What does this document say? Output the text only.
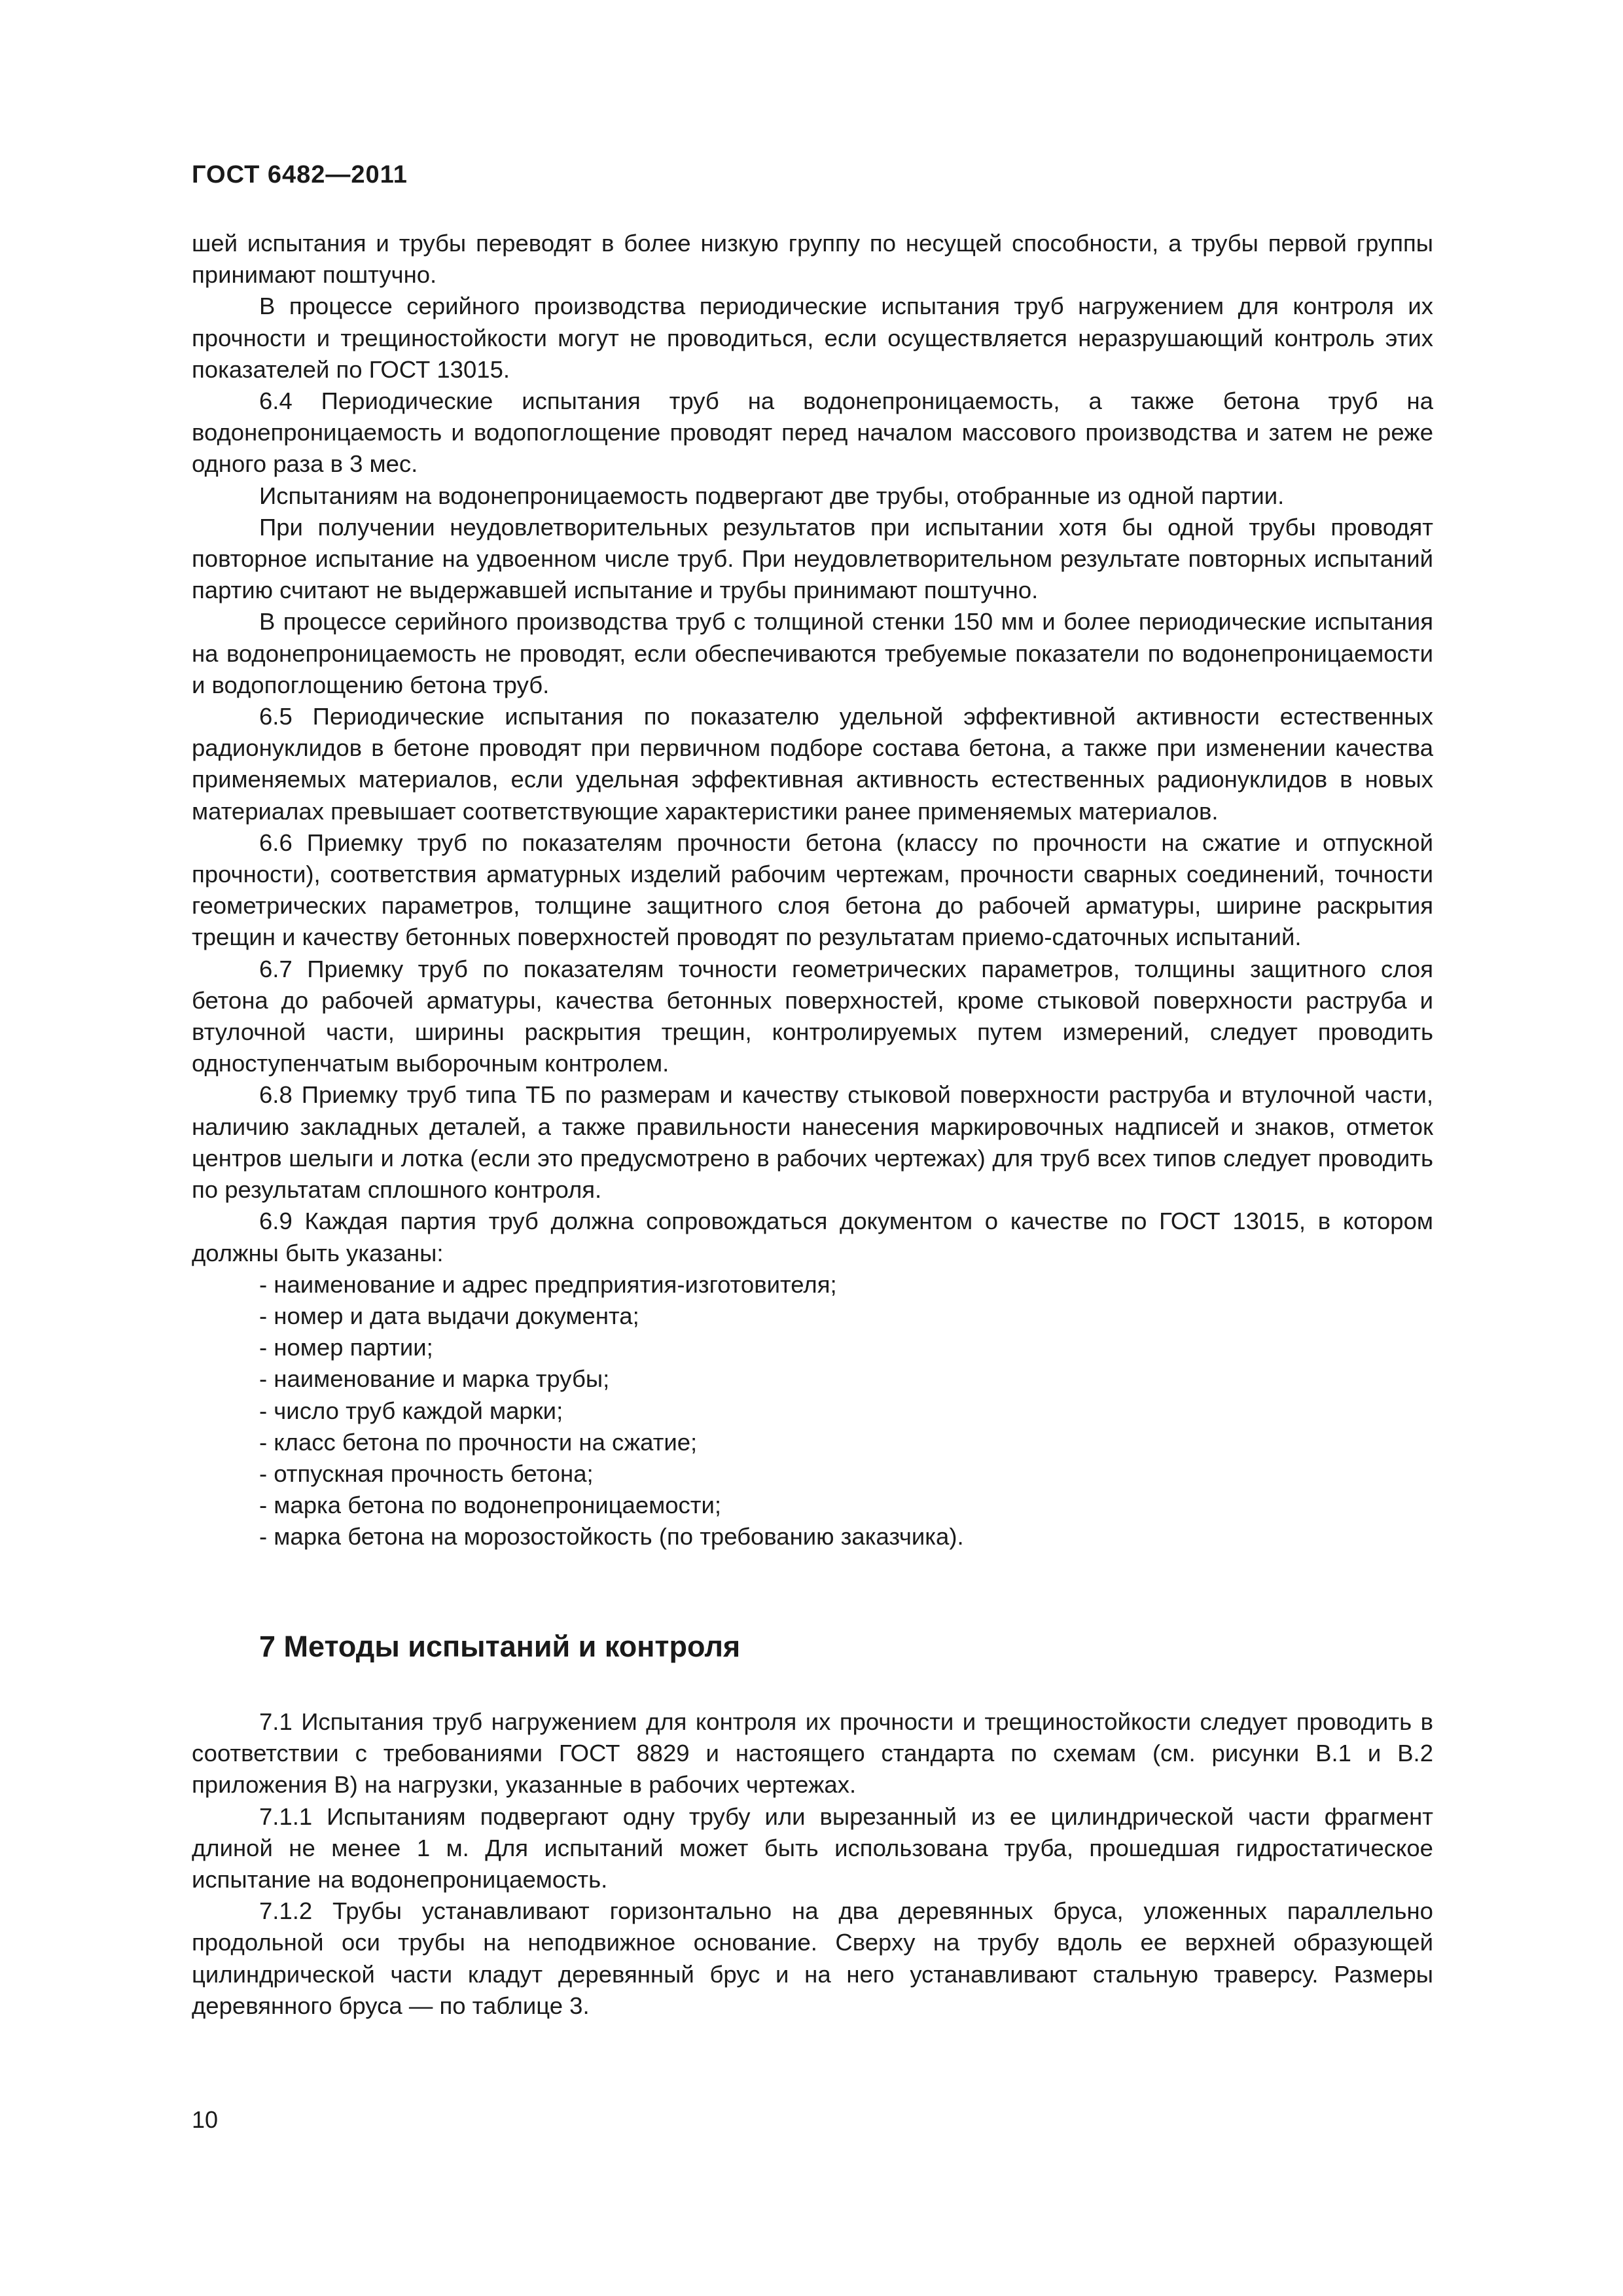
ГОСТ 6482—2011

шей испытания и трубы переводят в более низкую группу по несущей способности, а трубы первой группы принимают поштучно.

В процессе серийного производства периодические испытания труб нагружением для контроля их прочности и трещиностойкости могут не проводиться, если осуществляется неразрушающий контроль этих показателей по ГОСТ 13015.

6.4 Периодические испытания труб на водонепроницаемость, а также бетона труб на водонепроницаемость и водопоглощение проводят перед началом массового производства и затем не реже одного раза в 3 мес.

Испытаниям на водонепроницаемость подвергают две трубы, отобранные из одной партии.

При получении неудовлетворительных результатов при испытании хотя бы одной трубы проводят повторное испытание на удвоенном числе труб. При неудовлетворительном результате повторных испытаний партию считают не выдержавшей испытание и трубы принимают поштучно.

В процессе серийного производства труб с толщиной стенки 150 мм и более периодические испытания на водонепроницаемость не проводят, если обеспечиваются требуемые показатели по водонепроницаемости и водопоглощению бетона труб.

6.5 Периодические испытания по показателю удельной эффективной активности естественных радионуклидов в бетоне проводят при первичном подборе состава бетона, а также при изменении качества применяемых материалов, если удельная эффективная активность естественных радионуклидов в новых материалах превышает соответствующие характеристики ранее применяемых материалов.

6.6 Приемку труб по показателям прочности бетона (классу по прочности на сжатие и отпускной прочности), соответствия арматурных изделий рабочим чертежам, прочности сварных соединений, точности геометрических параметров, толщине защитного слоя бетона до рабочей арматуры, ширине раскрытия трещин и качеству бетонных поверхностей проводят по результатам приемо-сдаточных испытаний.

6.7 Приемку труб по показателям точности геометрических параметров, толщины защитного слоя бетона до рабочей арматуры, качества бетонных поверхностей, кроме стыковой поверхности раструба и втулочной части, ширины раскрытия трещин, контролируемых путем измерений, следует проводить одноступенчатым выборочным контролем.

6.8 Приемку труб типа ТБ по размерам и качеству стыковой поверхности раструба и втулочной части, наличию закладных деталей, а также правильности нанесения маркировочных надписей и знаков, отметок центров шелыги и лотка (если это предусмотрено в рабочих чертежах) для труб всех типов следует проводить по результатам сплошного контроля.

6.9 Каждая партия труб должна сопровождаться документом о качестве по ГОСТ 13015, в котором должны быть указаны:

- наименование и адрес предприятия-изготовителя;
- номер и дата выдачи документа;
- номер партии;
- наименование и марка трубы;
- число труб каждой марки;
- класс бетона по прочности на сжатие;
- отпускная прочность бетона;
- марка бетона по водонепроницаемости;
- марка бетона на морозостойкость (по требованию заказчика).
7 Методы испытаний и контроля

7.1 Испытания труб нагружением для контроля их прочности и трещиностойкости следует проводить в соответствии с требованиями ГОСТ 8829 и настоящего стандарта по схемам (см. рисунки В.1 и В.2 приложения В) на нагрузки, указанные в рабочих чертежах.

7.1.1 Испытаниям подвергают одну трубу или вырезанный из ее цилиндрической части фрагмент длиной не менее 1 м. Для испытаний может быть использована труба, прошедшая гидростатическое испытание на водонепроницаемость.

7.1.2 Трубы устанавливают горизонтально на два деревянных бруса, уложенных параллельно продольной оси трубы на неподвижное основание. Сверху на трубу вдоль ее верхней образующей цилиндрической части кладут деревянный брус и на него устанавливают стальную траверсу. Размеры деревянного бруса — по таблице 3.

10
